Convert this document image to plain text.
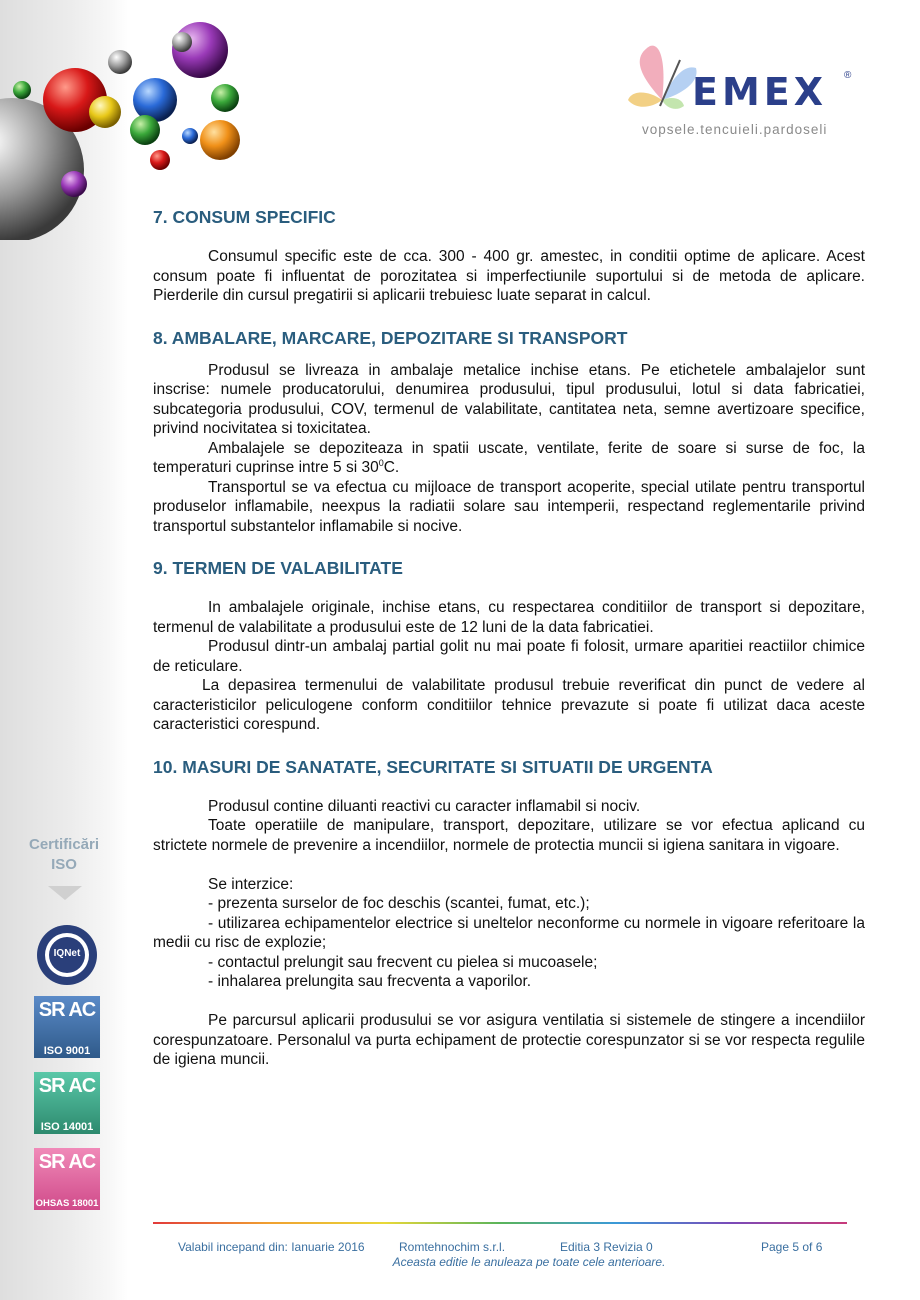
EMEX ®
vopsele.tencuieli.pardoseli
7. CONSUM SPECIFIC

Consumul specific este de cca. 300 - 400 gr. amestec, in conditii optime de aplicare. Acest consum poate fi influentat de porozitatea si imperfectiunile suportului si de metoda de aplicare. Pierderile din cursul pregatirii si aplicarii trebuiesc luate separat in calcul.

8. AMBALARE, MARCARE, DEPOZITARE SI TRANSPORT

Produsul se livreaza in ambalaje metalice inchise etans. Pe etichetele ambalajelor sunt inscrise: numele producatorului, denumirea produsului, tipul produsului, lotul si data fabricatiei, subcategoria produsului, COV, termenul de valabilitate, cantitatea neta, semne avertizoare specifice, privind nocivitatea si toxicitatea.

Ambalajele se depoziteaza in spatii uscate, ventilate, ferite de soare si surse de foc, la temperaturi cuprinse intre 5 si $30^0C$.

Transportul se va efectua cu mijloace de transport acoperite, special utilate pentru transportul produselor inflamabile, neexpus la radiatii solare sau intemperii, respectand reglementarile privind transportul substantelor inflamabile si nocive.

9. TERMEN DE VALABILITATE

In ambalajele originale, inchise etans, cu respectarea conditiilor de transport si depozitare, termenul de valabilitate a produsului este de 12 luni de la data fabricatiei.

Produsul dintr-un ambalaj partial golit nu mai poate fi folosit, urmare aparitiei reactiilor chimice de reticulare.

La depasirea termenului de valabilitate produsul trebuie reverificat din punct de vedere al caracteristicilor peliculogene conform conditiilor tehnice prevazute si poate fi utilizat daca aceste caracteristici corespund.

10. MASURI DE SANATATE, SECURITATE SI SITUATII DE URGENTA

Produsul contine diluanti reactivi cu caracter inflamabil si nociv.

Toate operatiile de manipulare, transport, depozitare, utilizare se vor efectua aplicand cu strictete normele de prevenire a incendiilor, normele de protectia muncii si igiena sanitara in vigoare.

Se interzice:

- prezenta surselor de foc deschis (scantei, fumat, etc.);

- utilizarea echipamentelor electrice si uneltelor neconforme cu normele in vigoare referitoare la medii cu risc de explozie;

- contactul prelungit sau frecvent cu pielea si mucoasele;

- inhalarea prelungita sau frecventa a vaporilor.

Pe parcursul aplicarii produsului se vor asigura ventilatia si sistemele de stingere a incendiilor corespunzatoare. Personalul va purta echipament de protectie corespunzator si se vor respecta regulile de igiena muncii.

Certificări
ISO
IQNet
SR AC
ISO 9001
SR AC
ISO 14001
SR AC
OHSAS 18001
Valabil incepand din: Ianuarie 2016	Romtehnochim s.r.l.	Editia 3 Revizia 0	Page 5 of 6
Aceasta editie le anuleaza pe toate cele anterioare.
